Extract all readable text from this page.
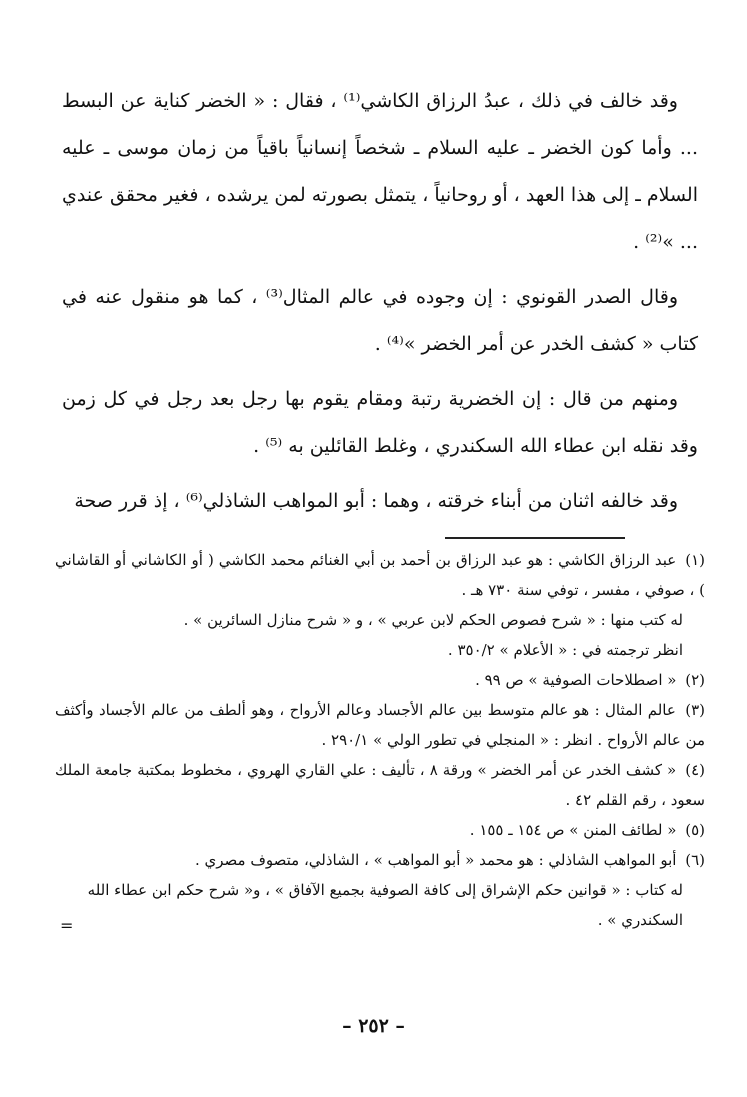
وقد خالف في ذلك ، عبدُ الرزاق الكاشي⁽¹⁾ ، فقال : « الخضر كناية عن البسط ... وأما كون الخضر ـ عليه السلام ـ شخصاً إنسانياً باقياً من زمان موسى ـ عليه السلام ـ إلى هذا العهد ، أو روحانياً ، يتمثل بصورته لمن يرشده ، فغير محقق عندي ... »⁽²⁾ .

وقال الصدر القونوي : إن وجوده في عالم المثال⁽³⁾ ، كما هو منقول عنه في كتاب « كشف الخدر عن أمر الخضر »⁽⁴⁾ .

ومنهم من قال : إن الخضرية رتبة ومقام يقوم بها رجل بعد رجل في كل زمن وقد نقله ابن عطاء الله السكندري ، وغلط القائلين به ⁽⁵⁾ .

وقد خالفه اثنان من أبناء خرقته ، وهما : أبو المواهب الشاذلي⁽⁶⁾ ، إذ قرر صحة

(١) عبد الرزاق الكاشي : هو عبد الرزاق بن أحمد بن أبي الغنائم محمد الكاشي ( أو الكاشاني أو القاشاني ) ، صوفي ، مفسر ، توفي سنة ٧٣٠ هـ .

له كتب منها : « شرح فصوص الحكم لابن عربي » ، و « شرح منازل السائرين » .

انظر ترجمته في : « الأعلام » ٣٥٠/٢ .

(٢) « اصطلاحات الصوفية » ص ٩٩ .

(٣) عالم المثال : هو عالم متوسط بين عالم الأجساد وعالم الأرواح ، وهو ألطف من عالم الأجساد وأكثف من عالم الأرواح . انظر : « المنجلي في تطور الولي » ٢٩٠/١ .

(٤) « كشف الخدر عن أمر الخضر » ورقة ٨ ، تأليف : علي القاري الهروي ، مخطوط بمكتبة جامعة الملك سعود ، رقم القلم ٤٢ .

(٥) « لطائف المنن » ص ١٥٤ ـ ١٥٥ .

(٦) أبو المواهب الشاذلي : هو محمد « أبو المواهب » ، الشاذلي، متصوف مصري .

له كتاب : « قوانين حكم الإشراق إلى كافة الصوفية بجميع الآفاق » ، و« شرح حكم ابن عطاء الله السكندري » .

=
– ٢٥٢ –
